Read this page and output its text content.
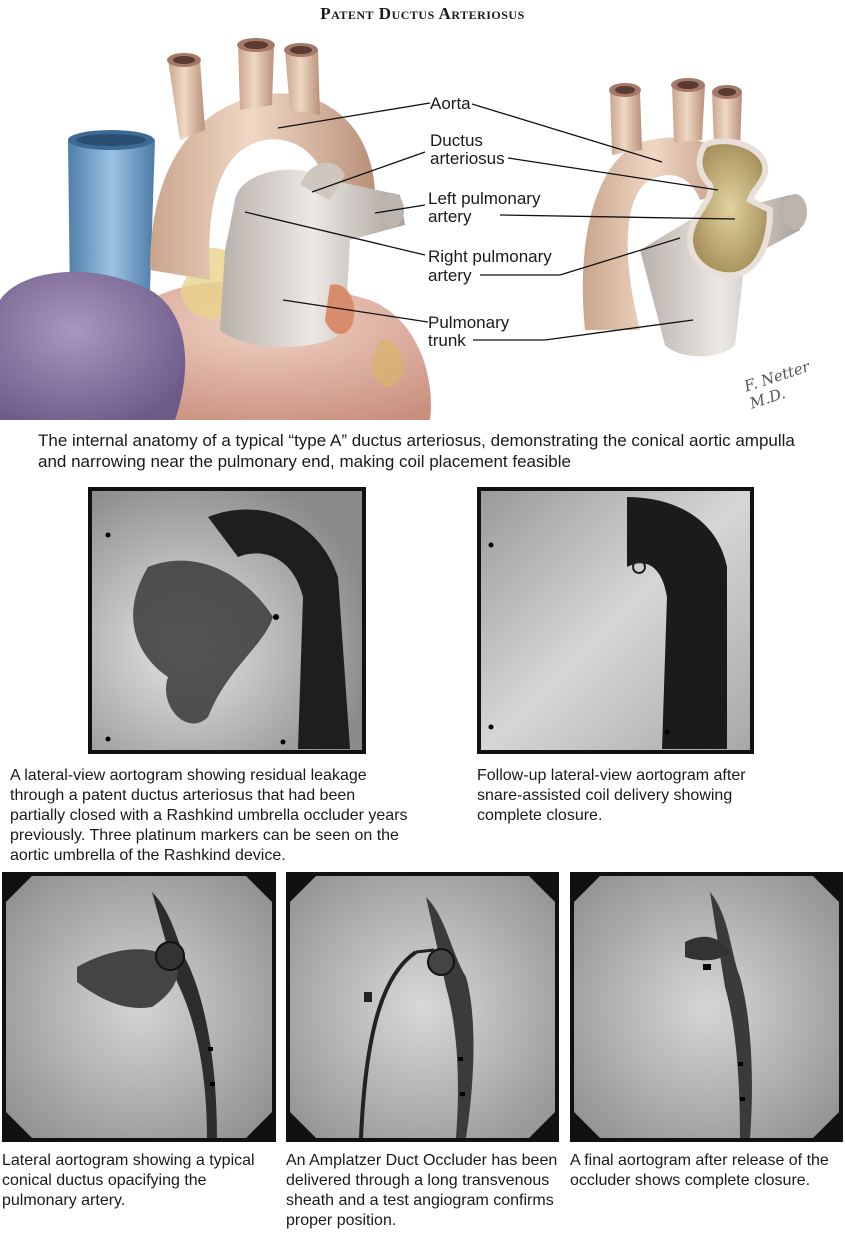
Patent Ductus Arteriosus
Aorta
Ductus
arteriosus
Left pulmonary
artery
Right pulmonary
artery
Pulmonary
trunk
F. Netter M.D.
The internal anatomy of a typical “type A” ductus arteriosus, demonstrating the conical aortic ampulla and narrowing near the pulmonary end, making coil placement feasible
A lateral-view aortogram showing residual leakage through a patent ductus arteriosus that had been partially closed with a Rashkind umbrella occluder years previously. Three platinum markers can be seen on the aortic umbrella of the Rashkind device.
Follow-up lateral-view aortogram after snare-assisted coil delivery showing complete closure.
Lateral aortogram showing a typical conical ductus opacifying the pulmonary artery.
An Amplatzer Duct Occluder has been delivered through a long transvenous sheath and a test angiogram confirms proper position.
A final aortogram after release of the occluder shows complete closure.
